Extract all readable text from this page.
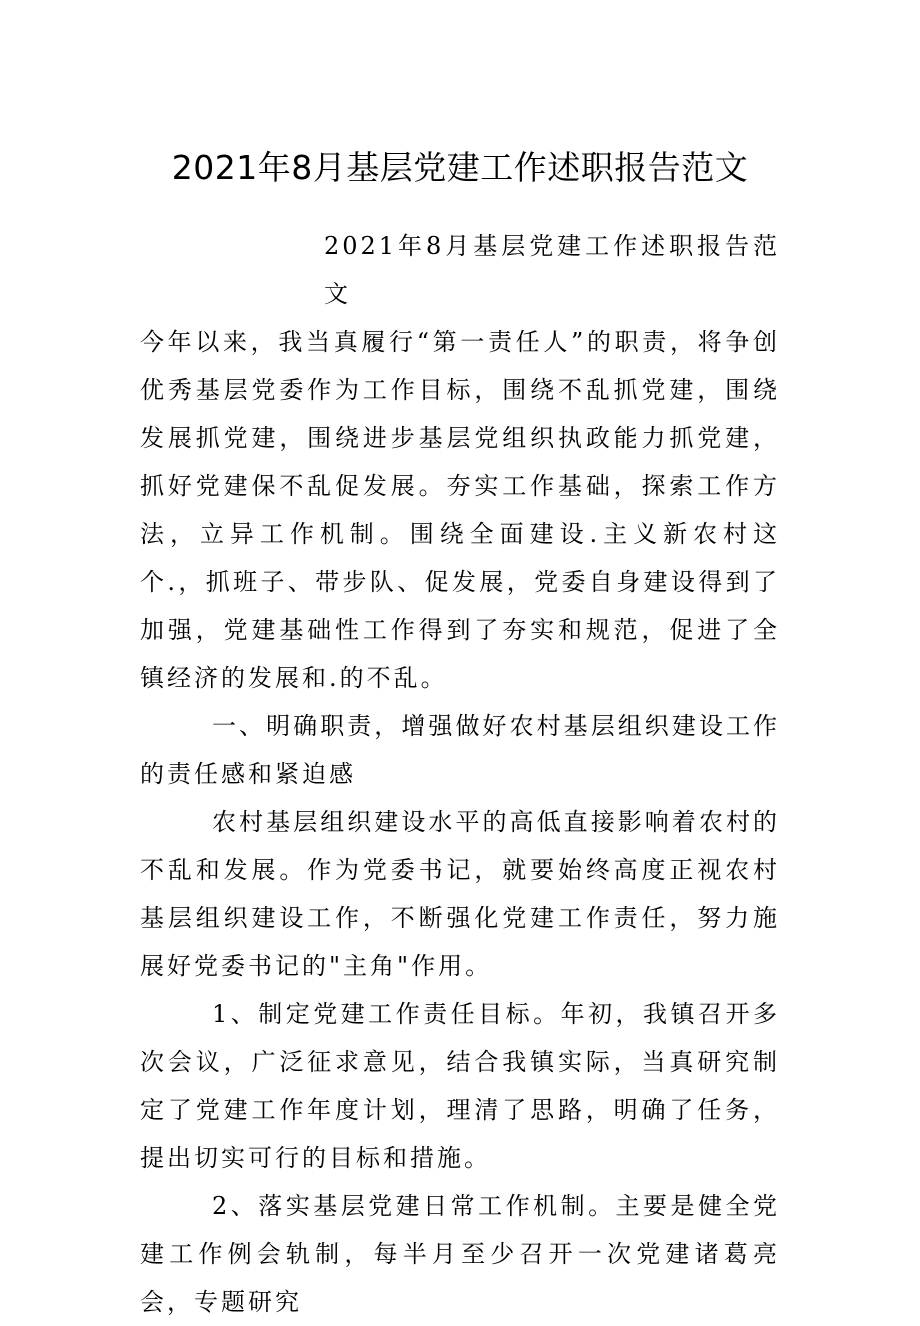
2021年8月基层党建工作述职报告范文

2021年8月基层党建工作述职报告范文

今年以来，我当真履行“第一责任人”的职责，将争创优秀基层党委作为工作目标，围绕不乱抓党建，围绕发展抓党建，围绕进步基层党组织执政能力抓党建，抓好党建保不乱促发展。夯实工作基础，探索工作方法，立异工作机制。围绕全面建设.主义新农村这个.，抓班子、带步队、促发展，党委自身建设得到了加强，党建基础性工作得到了夯实和规范，促进了全镇经济的发展和.的不乱。

一、明确职责，增强做好农村基层组织建设工作的责任感和紧迫感

农村基层组织建设水平的高低直接影响着农村的不乱和发展。作为党委书记，就要始终高度正视农村基层组织建设工作，不断强化党建工作责任，努力施展好党委书记的"主角"作用。

1、制定党建工作责任目标。年初，我镇召开多次会议，广泛征求意见，结合我镇实际，当真研究制定了党建工作年度计划，理清了思路，明确了任务，提出切实可行的目标和措施。

2、落实基层党建日常工作机制。主要是健全党建工作例会轨制，每半月至少召开一次党建诸葛亮会，专题研究
